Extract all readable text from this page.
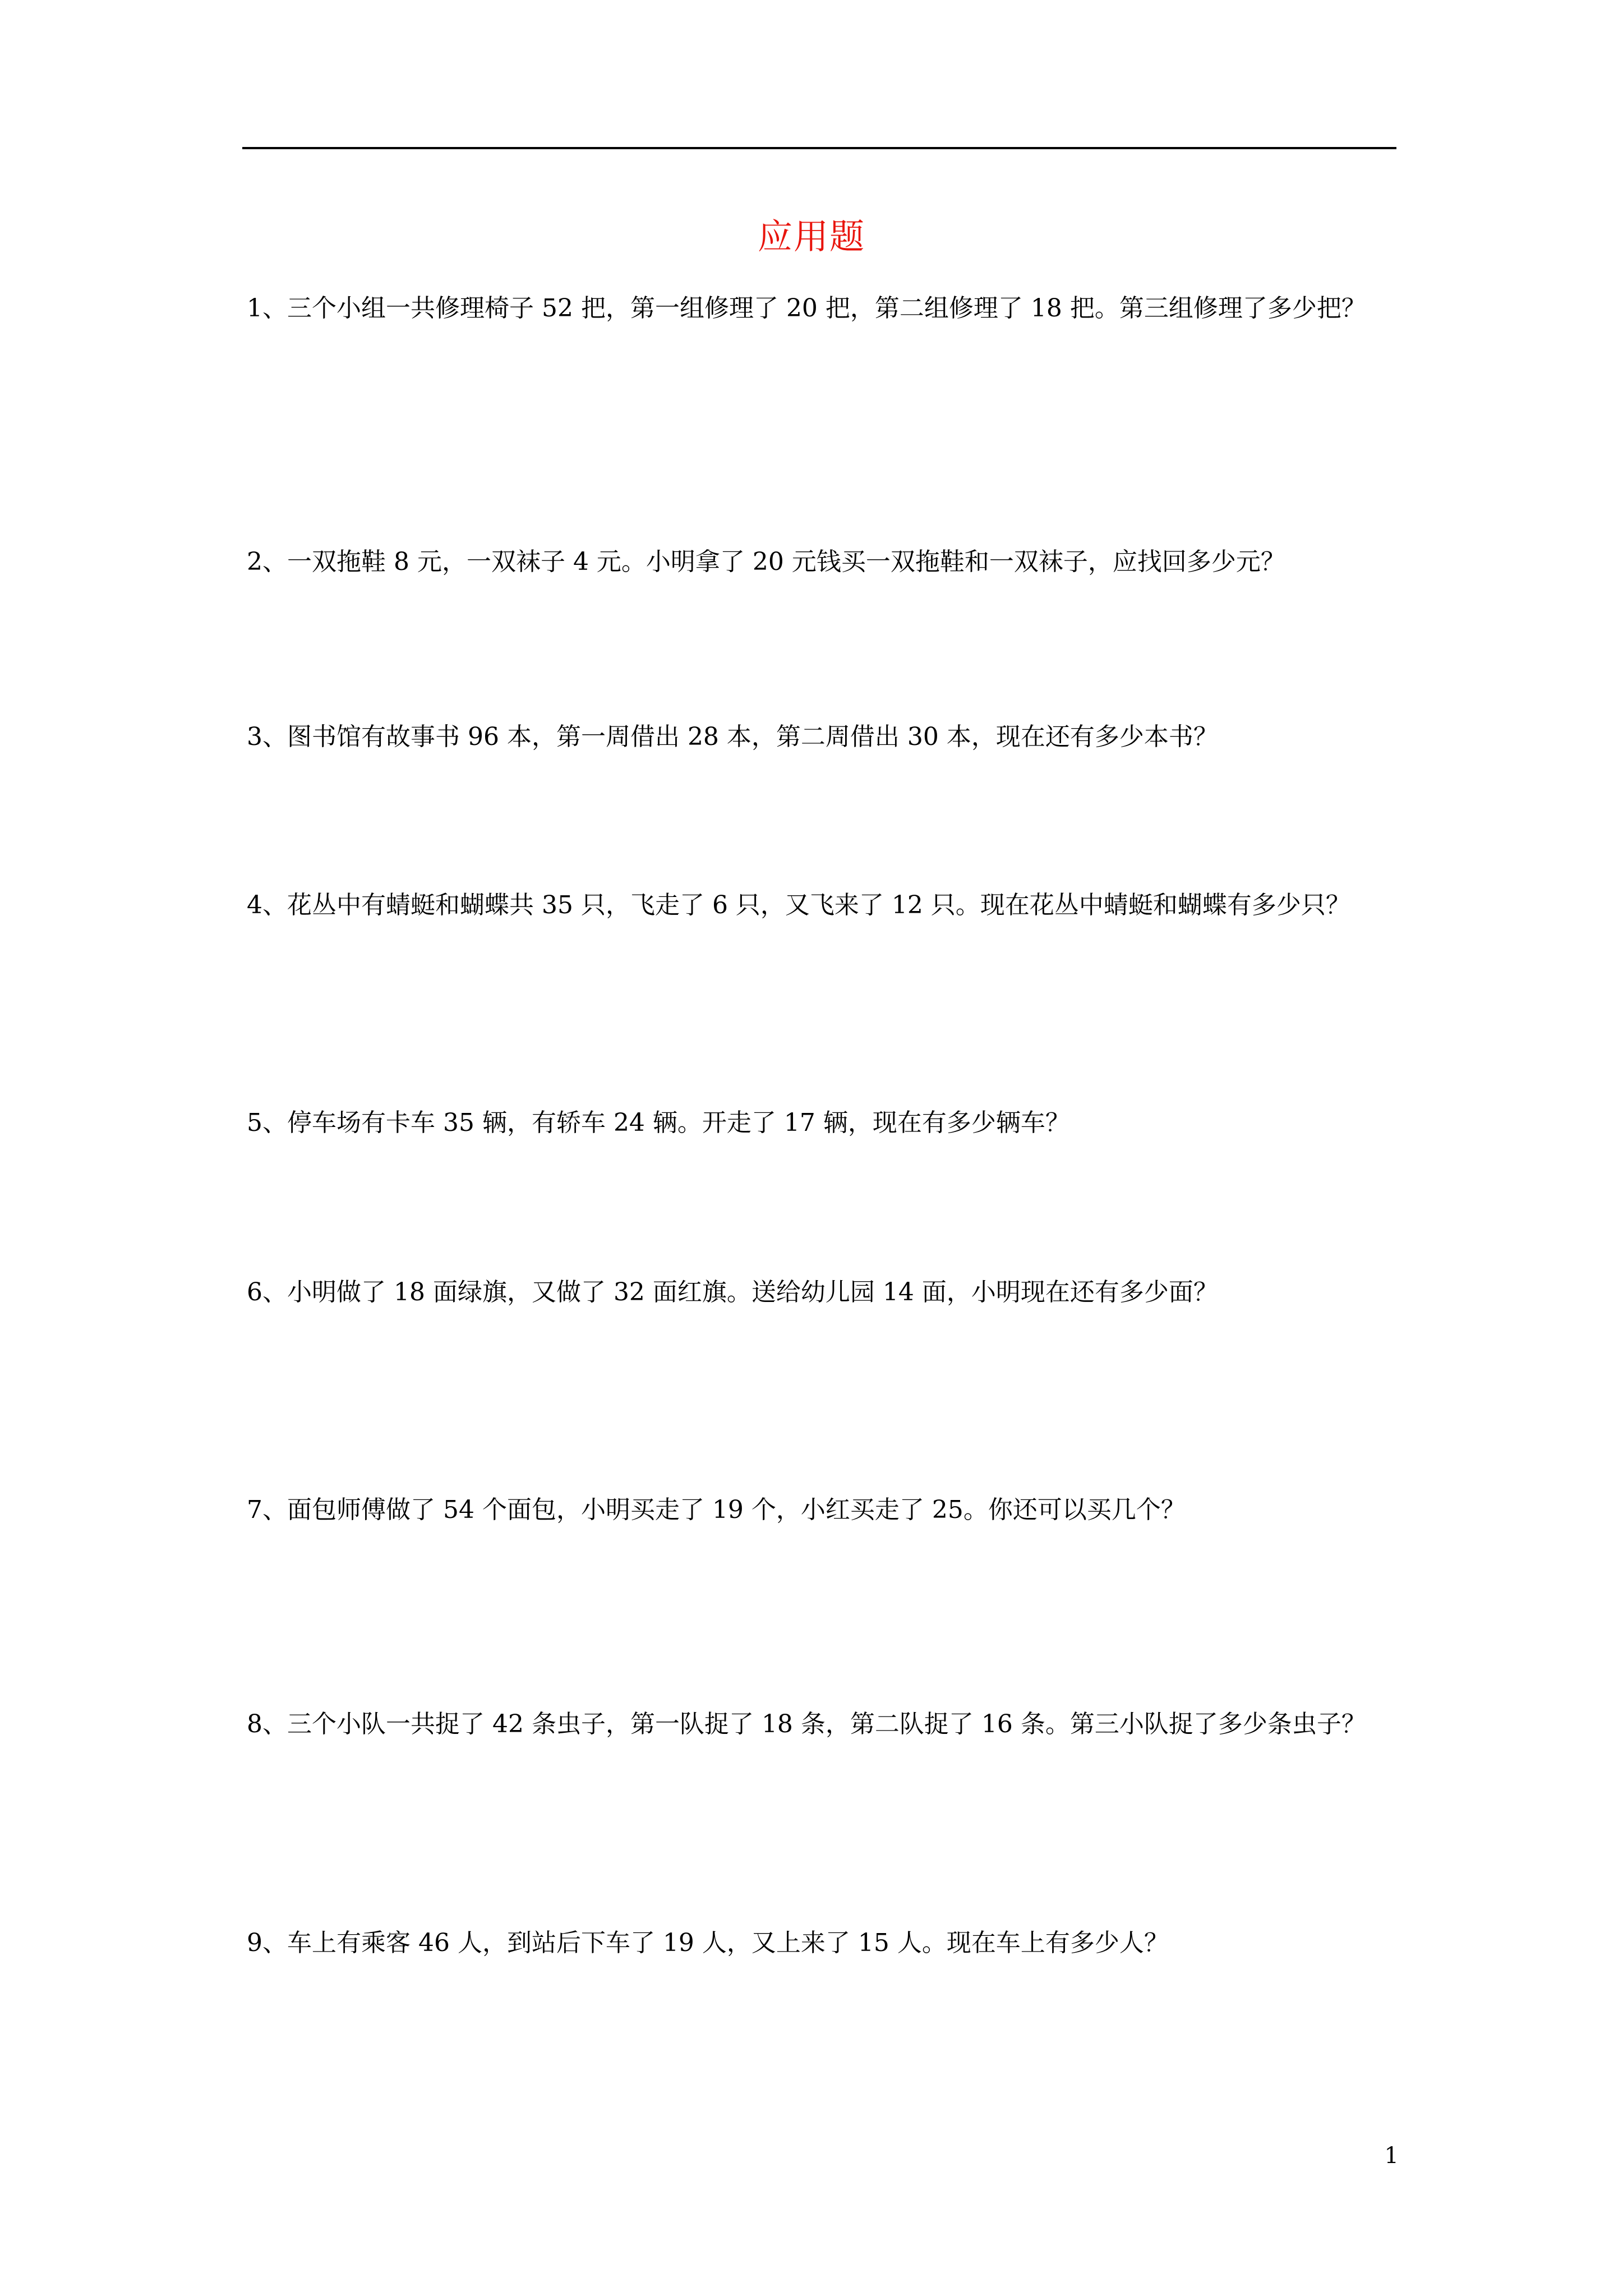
应用题

1、三个小组一共修理椅子 52 把，第一组修理了 20 把，第二组修理了 18 把。第三组修理了多少把？

2、一双拖鞋 8 元，一双袜子 4 元。小明拿了 20 元钱买一双拖鞋和一双袜子，应找回多少元？

3、图书馆有故事书 96 本，第一周借出 28 本，第二周借出 30 本，现在还有多少本书？

4、花丛中有蜻蜓和蝴蝶共 35 只，飞走了 6 只，又飞来了 12 只。现在花丛中蜻蜓和蝴蝶有多少只？

5、停车场有卡车 35 辆，有轿车 24 辆。开走了 17 辆，现在有多少辆车？

6、小明做了 18 面绿旗，又做了 32 面红旗。送给幼儿园 14 面，小明现在还有多少面？

7、面包师傅做了 54 个面包，小明买走了 19 个，小红买走了 25。你还可以买几个？

8、三个小队一共捉了 42 条虫子，第一队捉了 18 条，第二队捉了 16 条。第三小队捉了多少条虫子？

9、车上有乘客 46 人，到站后下车了 19 人，又上来了 15 人。现在车上有多少人？

1
